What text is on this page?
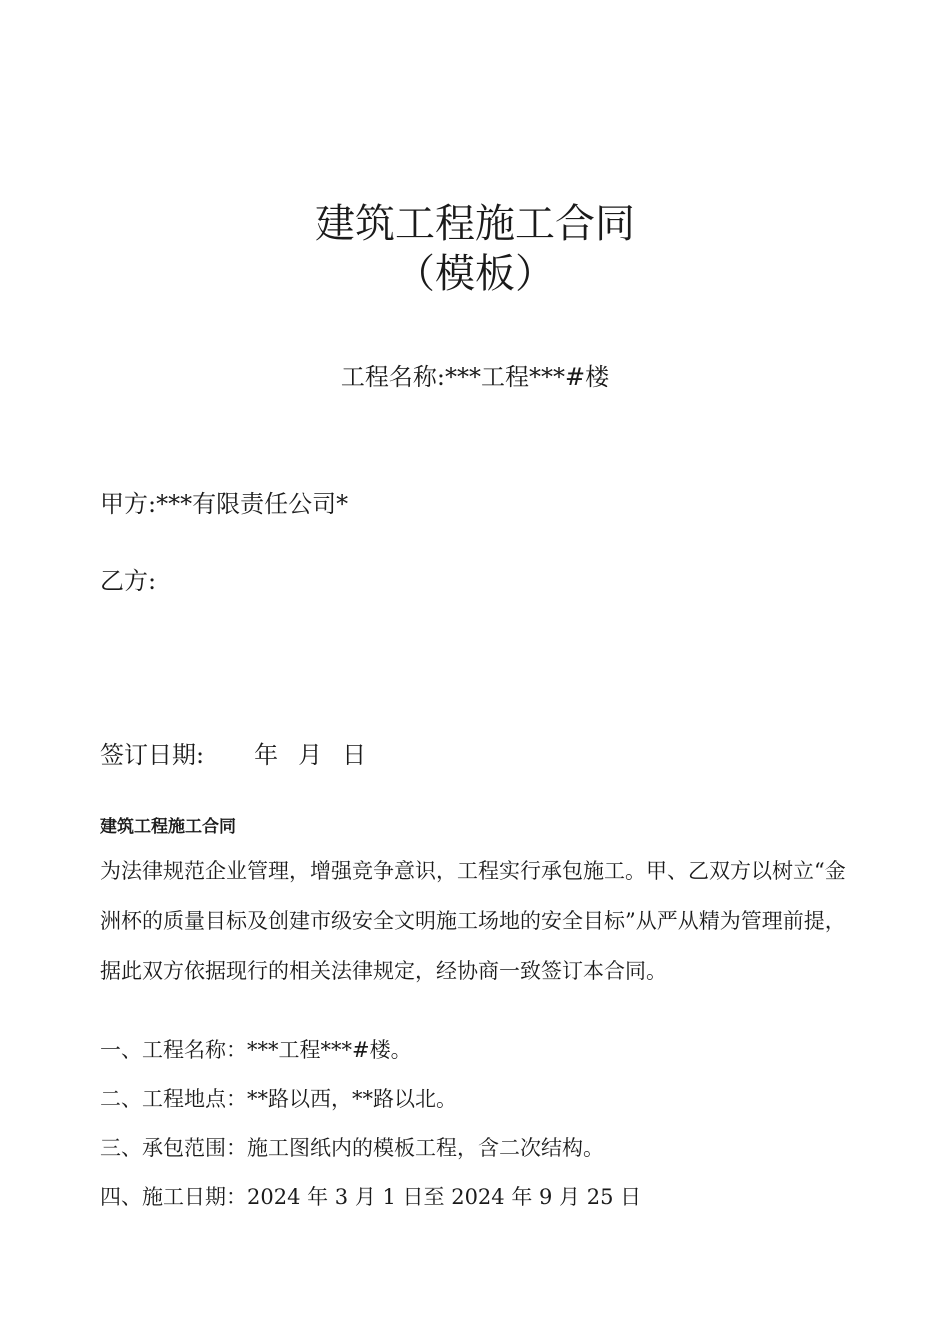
建筑工程施工合同
（模板）
工程名称:***工程***#楼
甲方:***有限责任公司*
乙方:
签订日期: 年 月 日
建筑工程施工合同
为法律规范企业管理，增强竞争意识，工程实行承包施工。甲、乙双方以树立“金洲杯的质量目标及创建市级安全文明施工场地的安全目标”从严从精为管理前提，据此双方依据现行的相关法律规定，经协商一致签订本合同。
一、工程名称：***工程***#楼。
二、工程地点：**路以西，**路以北。
三、承包范围：施工图纸内的模板工程，含二次结构。
四、施工日期：2024 年 3 月 1 日至 2024 年 9 月 25 日
